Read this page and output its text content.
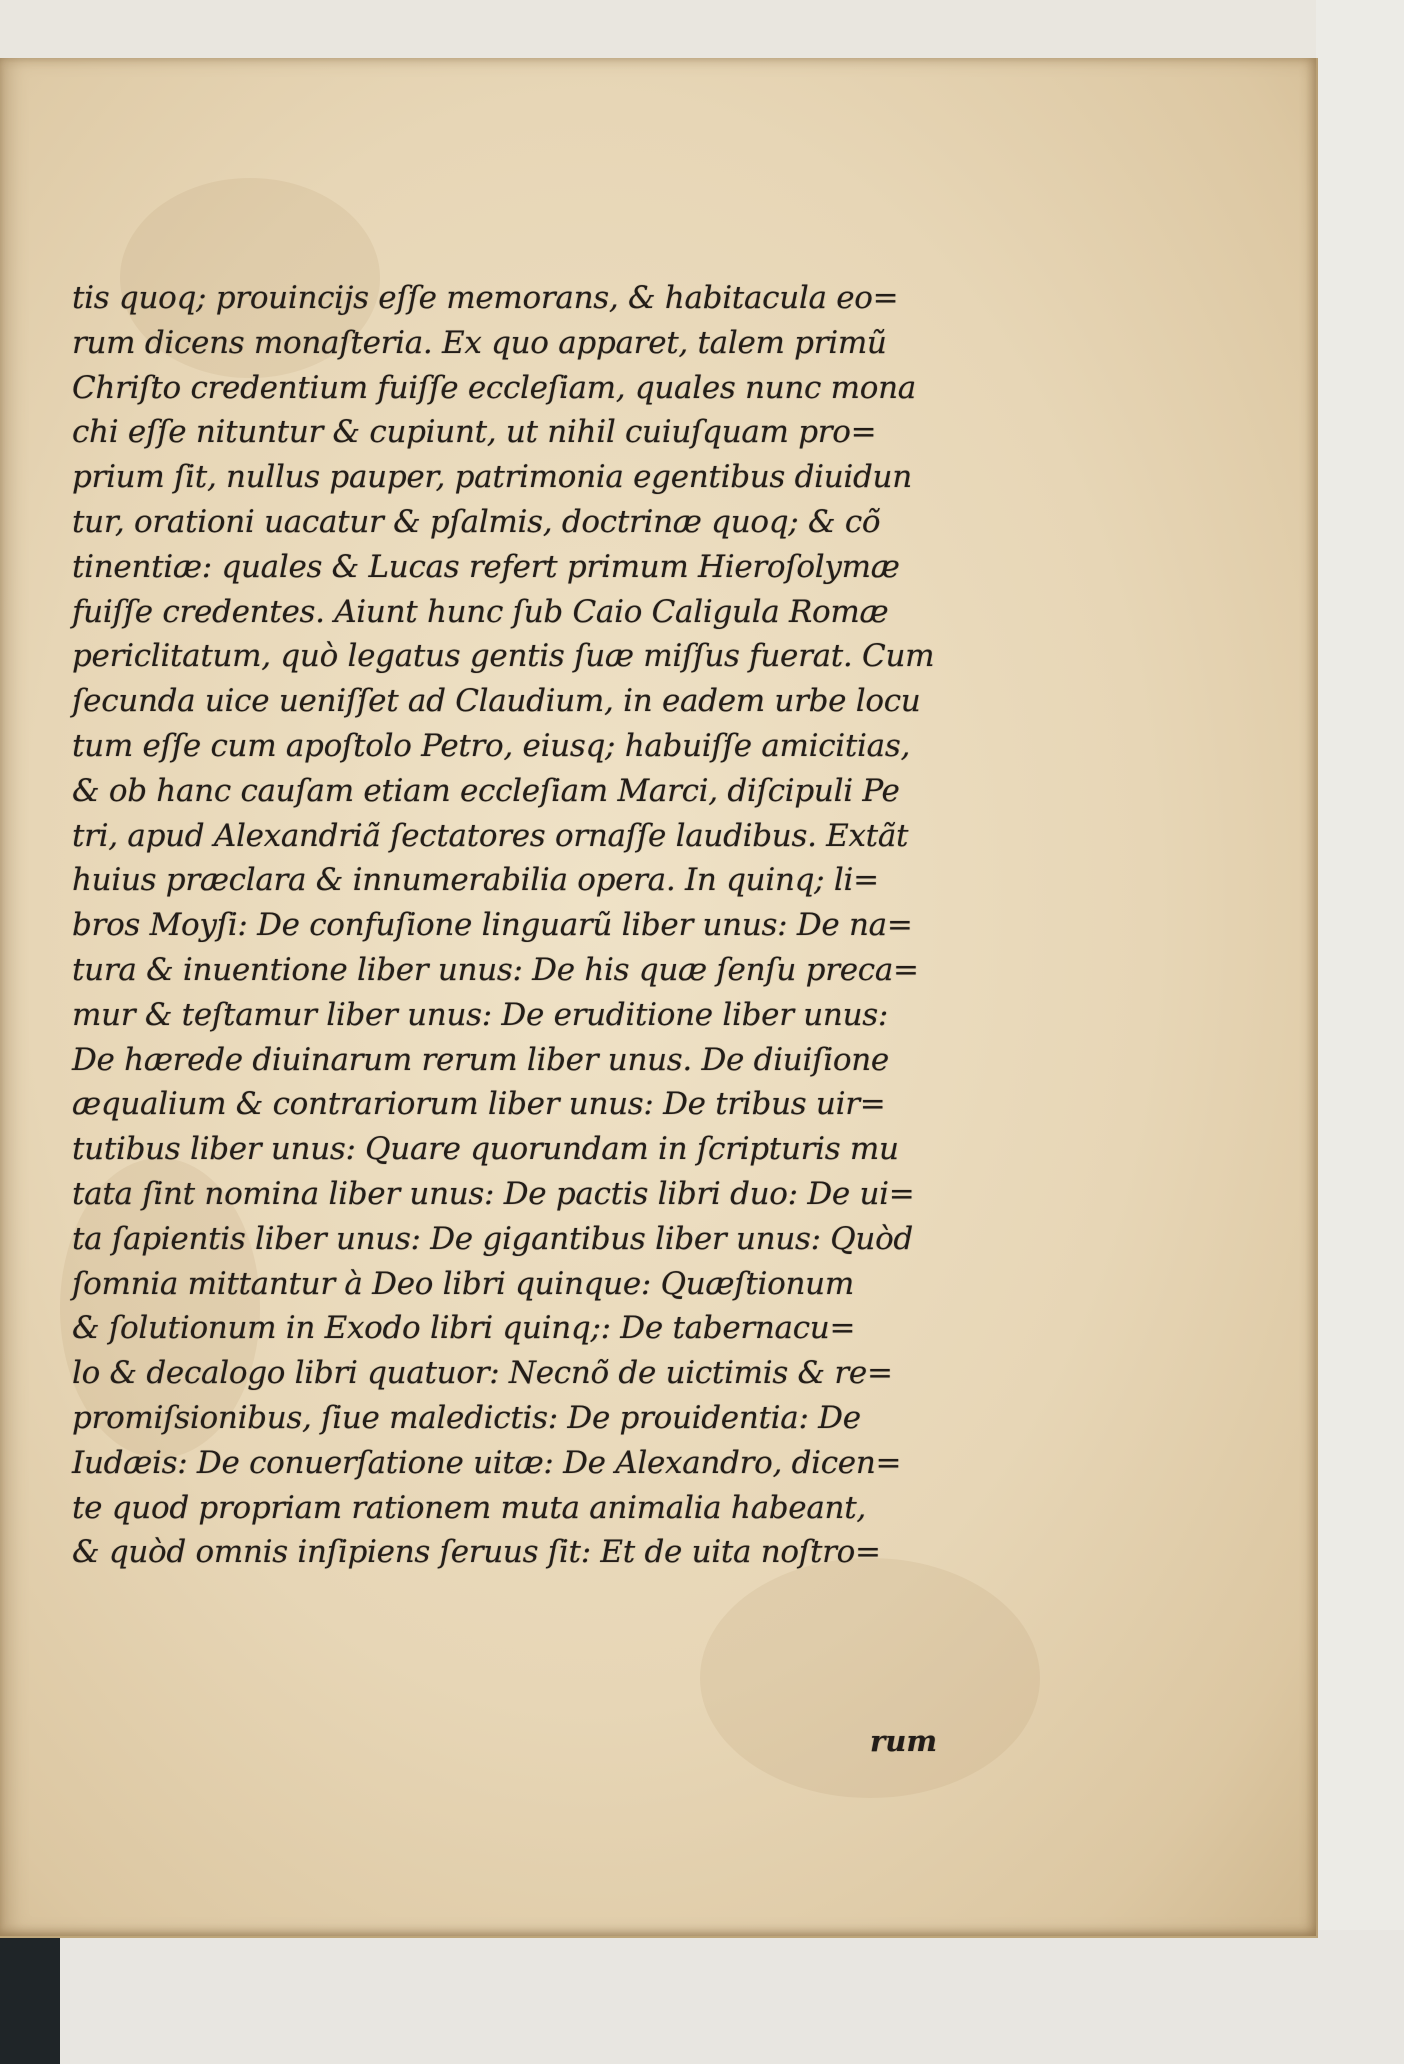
tis quoq; prouincijs eſſe memorans, & habitacula eo=
rum dicens monaſteria. Ex quo apparet, talem primũ
Chriſto credentium fuiſſe eccleſiam, quales nunc mona
chi eſſe nituntur & cupiunt, ut nihil cuiuſquam pro=
prium ſit, nullus pauper, patrimonia egentibus diuidun
tur, orationi uacatur & pſalmis, doctrinæ quoq; & cõ
tinentiæ: quales & Lucas refert primum Hieroſolymæ
fuiſſe credentes. Aiunt hunc ſub Caio Caligula Romæ
periclitatum, quò legatus gentis ſuæ miſſus fuerat. Cum
ſecunda uice ueniſſet ad Claudium, in eadem urbe locu
tum eſſe cum apoſtolo Petro, eiusq; habuiſſe amicitias,
& ob hanc cauſam etiam eccleſiam Marci, diſcipuli Pe
tri, apud Alexandriã ſectatores ornaſſe laudibus. Extãt
huius præclara & innumerabilia opera. In quinq; li=
bros Moyſi: De confuſione linguarũ liber unus: De na=
tura & inuentione liber unus: De his quæ ſenſu preca=
mur & teſtamur liber unus: De eruditione liber unus:
De hærede diuinarum rerum liber unus. De diuiſione
æqualium & contrariorum liber unus: De tribus uir=
tutibus liber unus: Quare quorundam in ſcripturis mu
tata ſint nomina liber unus: De pactis libri duo: De ui=
ta ſapientis liber unus: De gigantibus liber unus: Quòd
ſomnia mittantur à Deo libri quinque: Quæſtionum
& ſolutionum in Exodo libri quinq;: De tabernacu=
lo & decalogo libri quatuor: Necnõ de uictimis & re=
promiſsionibus, ſiue maledictis: De prouidentia: De
Iudæis: De conuerſatione uitæ: De Alexandro, dicen=
te quod propriam rationem muta animalia habeant,
& quòd omnis inſipiens ſeruus ſit: Et de uita noſtro=
rum
